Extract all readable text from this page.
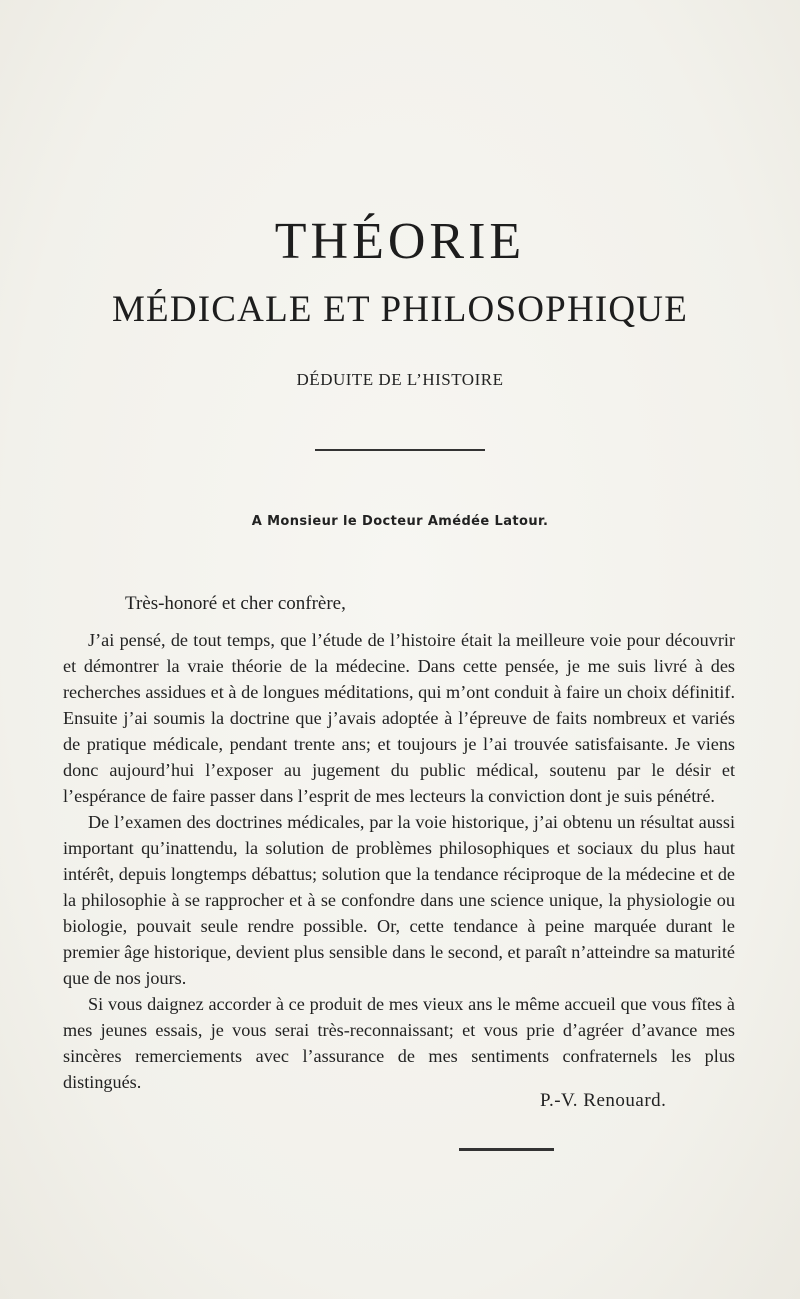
THÉORIE
MÉDICALE ET PHILOSOPHIQUE
DÉDUITE DE L’HISTOIRE
A Monsieur le Docteur Amédée Latour.
Très-honoré et cher confrère,

J’ai pensé, de tout temps, que l’étude de l’histoire était la meilleure voie pour découvrir et démontrer la vraie théorie de la médecine. Dans cette pensée, je me suis livré à des recherches assidues et à de longues méditations, qui m’ont conduit à faire un choix définitif. Ensuite j’ai soumis la doctrine que j’avais adoptée à l’épreuve de faits nombreux et variés de pratique médicale, pendant trente ans; et toujours je l’ai trouvée satisfaisante. Je viens donc aujourd’hui l’exposer au jugement du public médical, soutenu par le désir et l’espérance de faire passer dans l’esprit de mes lecteurs la conviction dont je suis pénétré.

De l’examen des doctrines médicales, par la voie historique, j’ai obtenu un résultat aussi important qu’inattendu, la solution de problèmes philosophiques et sociaux du plus haut intérêt, depuis longtemps débattus; solution que la tendance réciproque de la médecine et de la philosophie à se rapprocher et à se confondre dans une science unique, la physiologie ou biologie, pouvait seule rendre possible. Or, cette tendance à peine marquée durant le premier âge historique, devient plus sensible dans le second, et paraît n’atteindre sa maturité que de nos jours.

Si vous daignez accorder à ce produit de mes vieux ans le même accueil que vous fîtes à mes jeunes essais, je vous serai très-reconnaissant; et vous prie d’agréer d’avance mes sincères remerciements avec l’assurance de mes sentiments confraternels les plus distingués.

P.-V. Renouard.
